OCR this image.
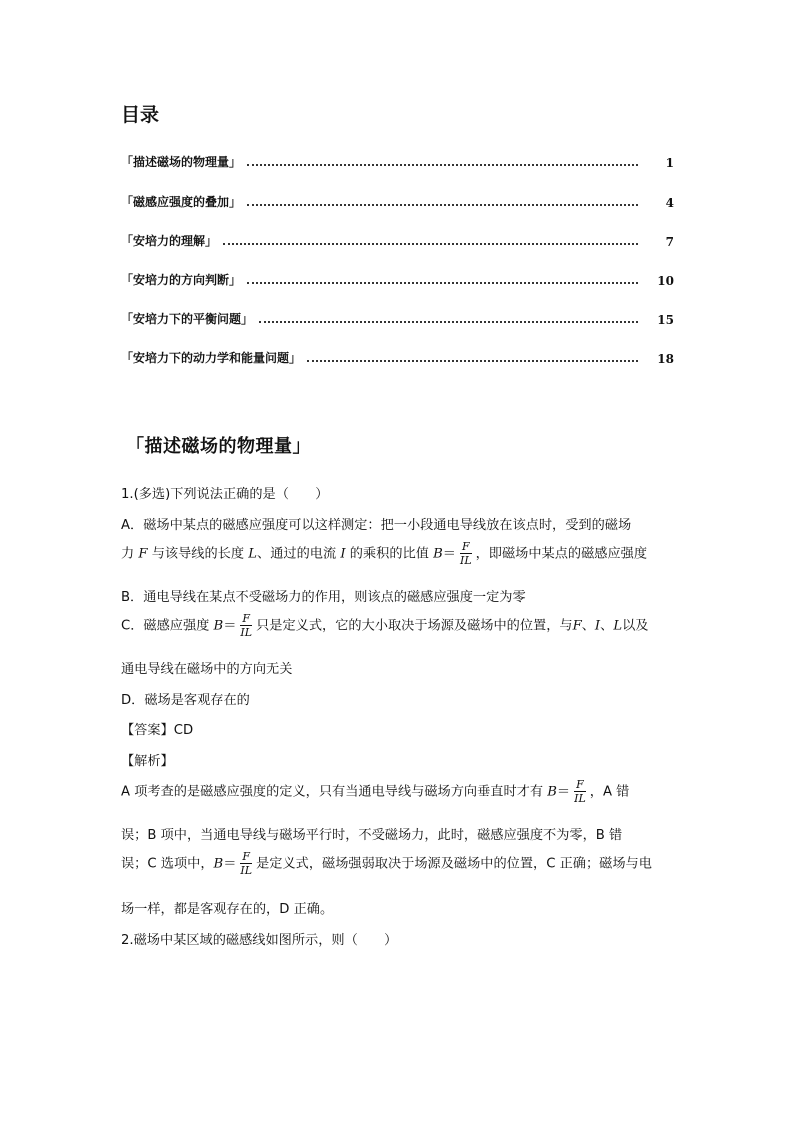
目录
「描述磁场的物理量」	1
「磁感应强度的叠加」	4
「安培力的理解」	7
「安培力的方向判断」	10
「安培力下的平衡问题」	15
「安培力下的动力学和能量问题」	18
「描述磁场的物理量」
1.(多选)下列说法正确的是（　　）
A．磁场中某点的磁感应强度可以这样测定：把一小段通电导线放在该点时，受到的磁场
力 F 与该导线的长度 L、通过的电流 I 的乘积的比值 $B= \frac{F}{IL}$ ，即磁场中某点的磁感应强度
B．通电导线在某点不受磁场力的作用，则该点的磁感应强度一定为零
C．磁感应强度 $B= \frac{F}{IL}$ 只是定义式，它的大小取决于场源及磁场中的位置，与F、I、L以及
通电导线在磁场中的方向无关
D．磁场是客观存在的
【答案】CD
【解析】
A 项考查的是磁感应强度的定义，只有当通电导线与磁场方向垂直时才有 $B= \frac{F}{IL}$ ，A 错
误；B 项中，当通电导线与磁场平行时，不受磁场力，此时，磁感应强度不为零，B 错
误；C 选项中，$B= \frac{F}{IL}$ 是定义式，磁场强弱取决于场源及磁场中的位置，C 正确；磁场与电
场一样，都是客观存在的，D 正确。
2.磁场中某区域的磁感线如图所示，则（　　）
